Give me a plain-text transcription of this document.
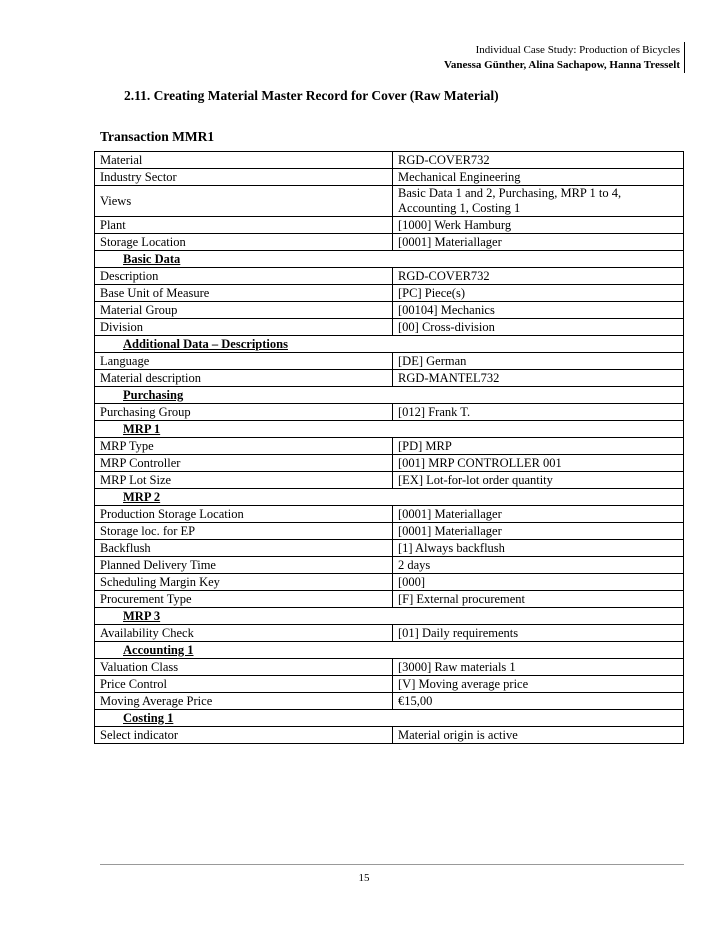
Individual Case Study: Production of Bicycles
Vanessa Günther, Alina Sachapow, Hanna Tresselt
2.11. Creating Material Master Record for Cover (Raw Material)
Transaction MMR1
Material	RGD-COVER732
Industry Sector	Mechanical Engineering
Views	Basic Data 1 and 2, Purchasing, MRP 1 to 4, Accounting 1, Costing 1
Plant	[1000] Werk Hamburg
Storage Location	[0001] Materiallager
Basic Data	
Description	RGD-COVER732
Base Unit of Measure	[PC] Piece(s)
Material Group	[00104] Mechanics
Division	[00] Cross-division
Additional Data – Descriptions	
Language	[DE] German
Material description	RGD-MANTEL732
Purchasing	
Purchasing Group	[012] Frank T.
MRP 1	
MRP Type	[PD] MRP
MRP Controller	[001] MRP CONTROLLER 001
MRP Lot Size	[EX] Lot-for-lot order quantity
MRP 2	
Production Storage Location	[0001] Materiallager
Storage loc. for EP	[0001] Materiallager
Backflush	[1] Always backflush
Planned Delivery Time	2 days
Scheduling Margin Key	[000]
Procurement Type	[F] External procurement
MRP 3	
Availability Check	[01] Daily requirements
Accounting 1	
Valuation Class	[3000] Raw materials 1
Price Control	[V] Moving average price
Moving Average Price	€15,00
Costing 1	
Select indicator	Material origin is active
15
